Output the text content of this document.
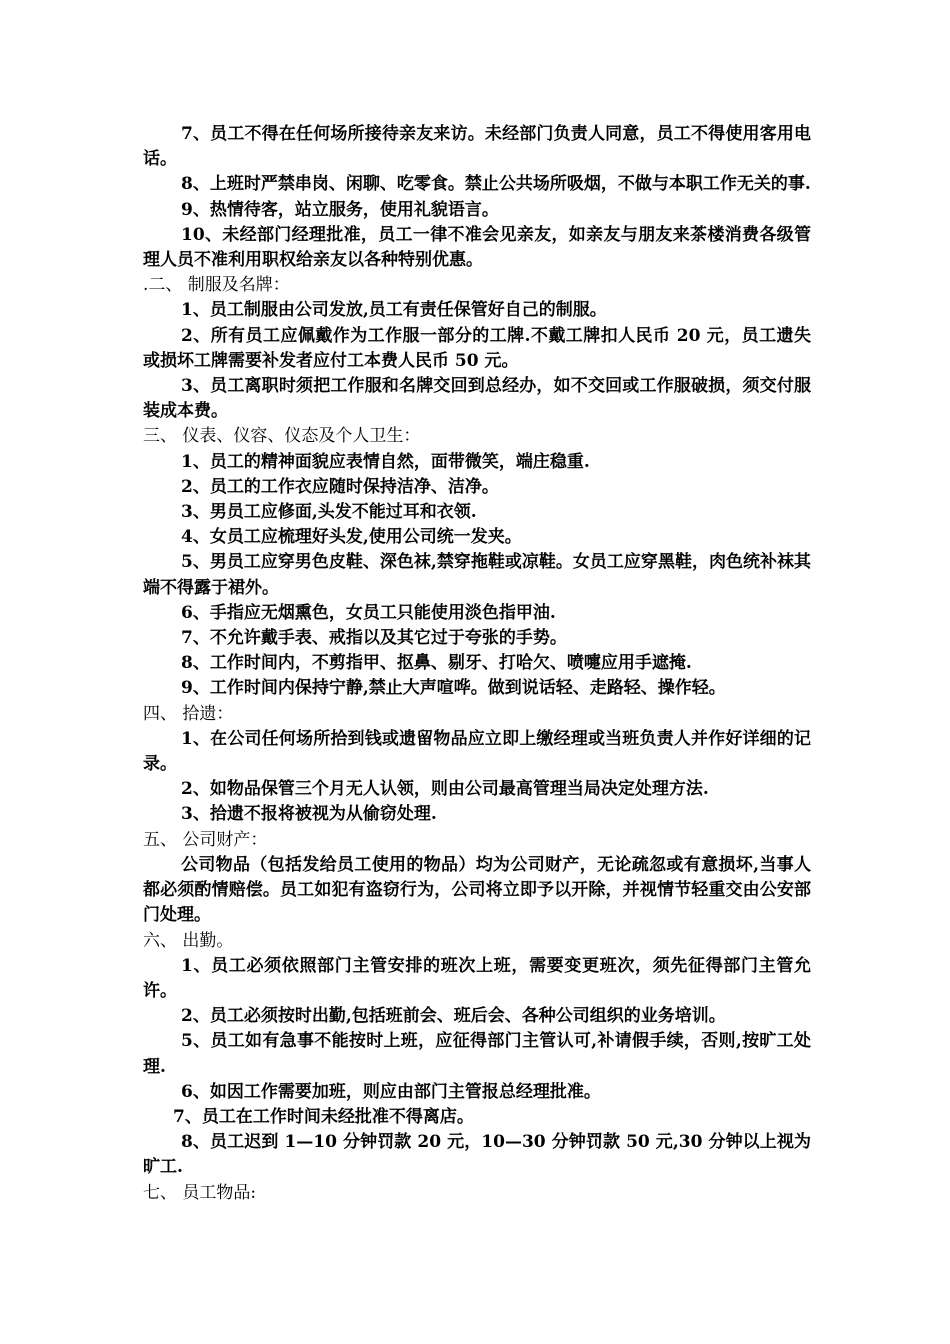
7、员工不得在任何场所接待亲友来访。未经部门负责人同意，员工不得使用客用电话。

8、上班时严禁串岗、闲聊、吃零食。禁止公共场所吸烟，不做与本职工作无关的事.

9、热情待客，站立服务，使用礼貌语言。

10、未经部门经理批准，员工一律不准会见亲友，如亲友与朋友来茶楼消费各级管理人员不准利用职权给亲友以各种特别优惠。

.二、 制服及名牌：

1、员工制服由公司发放,员工有责任保管好自己的制服。

2、所有员工应佩戴作为工作服一部分的工牌.不戴工牌扣人民币 20 元，员工遗失或损坏工牌需要补发者应付工本费人民币 50 元。

3、员工离职时须把工作服和名牌交回到总经办，如不交回或工作服破损，须交付服装成本费。

三、 仪表、仪容、仪态及个人卫生：

1、员工的精神面貌应表情自然，面带微笑，端庄稳重.

2、员工的工作衣应随时保持洁净、洁净。

3、男员工应修面,头发不能过耳和衣领.

4、女员工应梳理好头发,使用公司统一发夹。

5、男员工应穿男色皮鞋、深色袜,禁穿拖鞋或凉鞋。女员工应穿黑鞋，肉色统补袜其端不得露于裙外。

6、手指应无烟熏色，女员工只能使用淡色指甲油.

7、不允许戴手表、戒指以及其它过于夸张的手势。

8、工作时间内，不剪指甲、抠鼻、剔牙、打哈欠、喷嚏应用手遮掩.

9、工作时间内保持宁静,禁止大声喧哗。做到说话轻、走路轻、操作轻。

四、 拾遗：

1、在公司任何场所拾到钱或遗留物品应立即上缴经理或当班负责人并作好详细的记录。

2、如物品保管三个月无人认领，则由公司最高管理当局决定处理方法.

3、拾遗不报将被视为从偷窃处理.

五、 公司财产：

公司物品（包括发给员工使用的物品）均为公司财产，无论疏忽或有意损坏,当事人都必须酌情赔偿。员工如犯有盗窃行为，公司将立即予以开除，并视情节轻重交由公安部门处理。

六、 出勤。

1、员工必须依照部门主管安排的班次上班，需要变更班次，须先征得部门主管允许。

2、员工必须按时出勤,包括班前会、班后会、各种公司组织的业务培训。

5、员工如有急事不能按时上班，应征得部门主管认可,补请假手续，否则,按旷工处理.

6、如因工作需要加班，则应由部门主管报总经理批准。

7、员工在工作时间未经批准不得离店。

8、员工迟到 1—10 分钟罚款 20 元，10—30 分钟罚款 50 元,30 分钟以上视为旷工.

七、 员工物品:
